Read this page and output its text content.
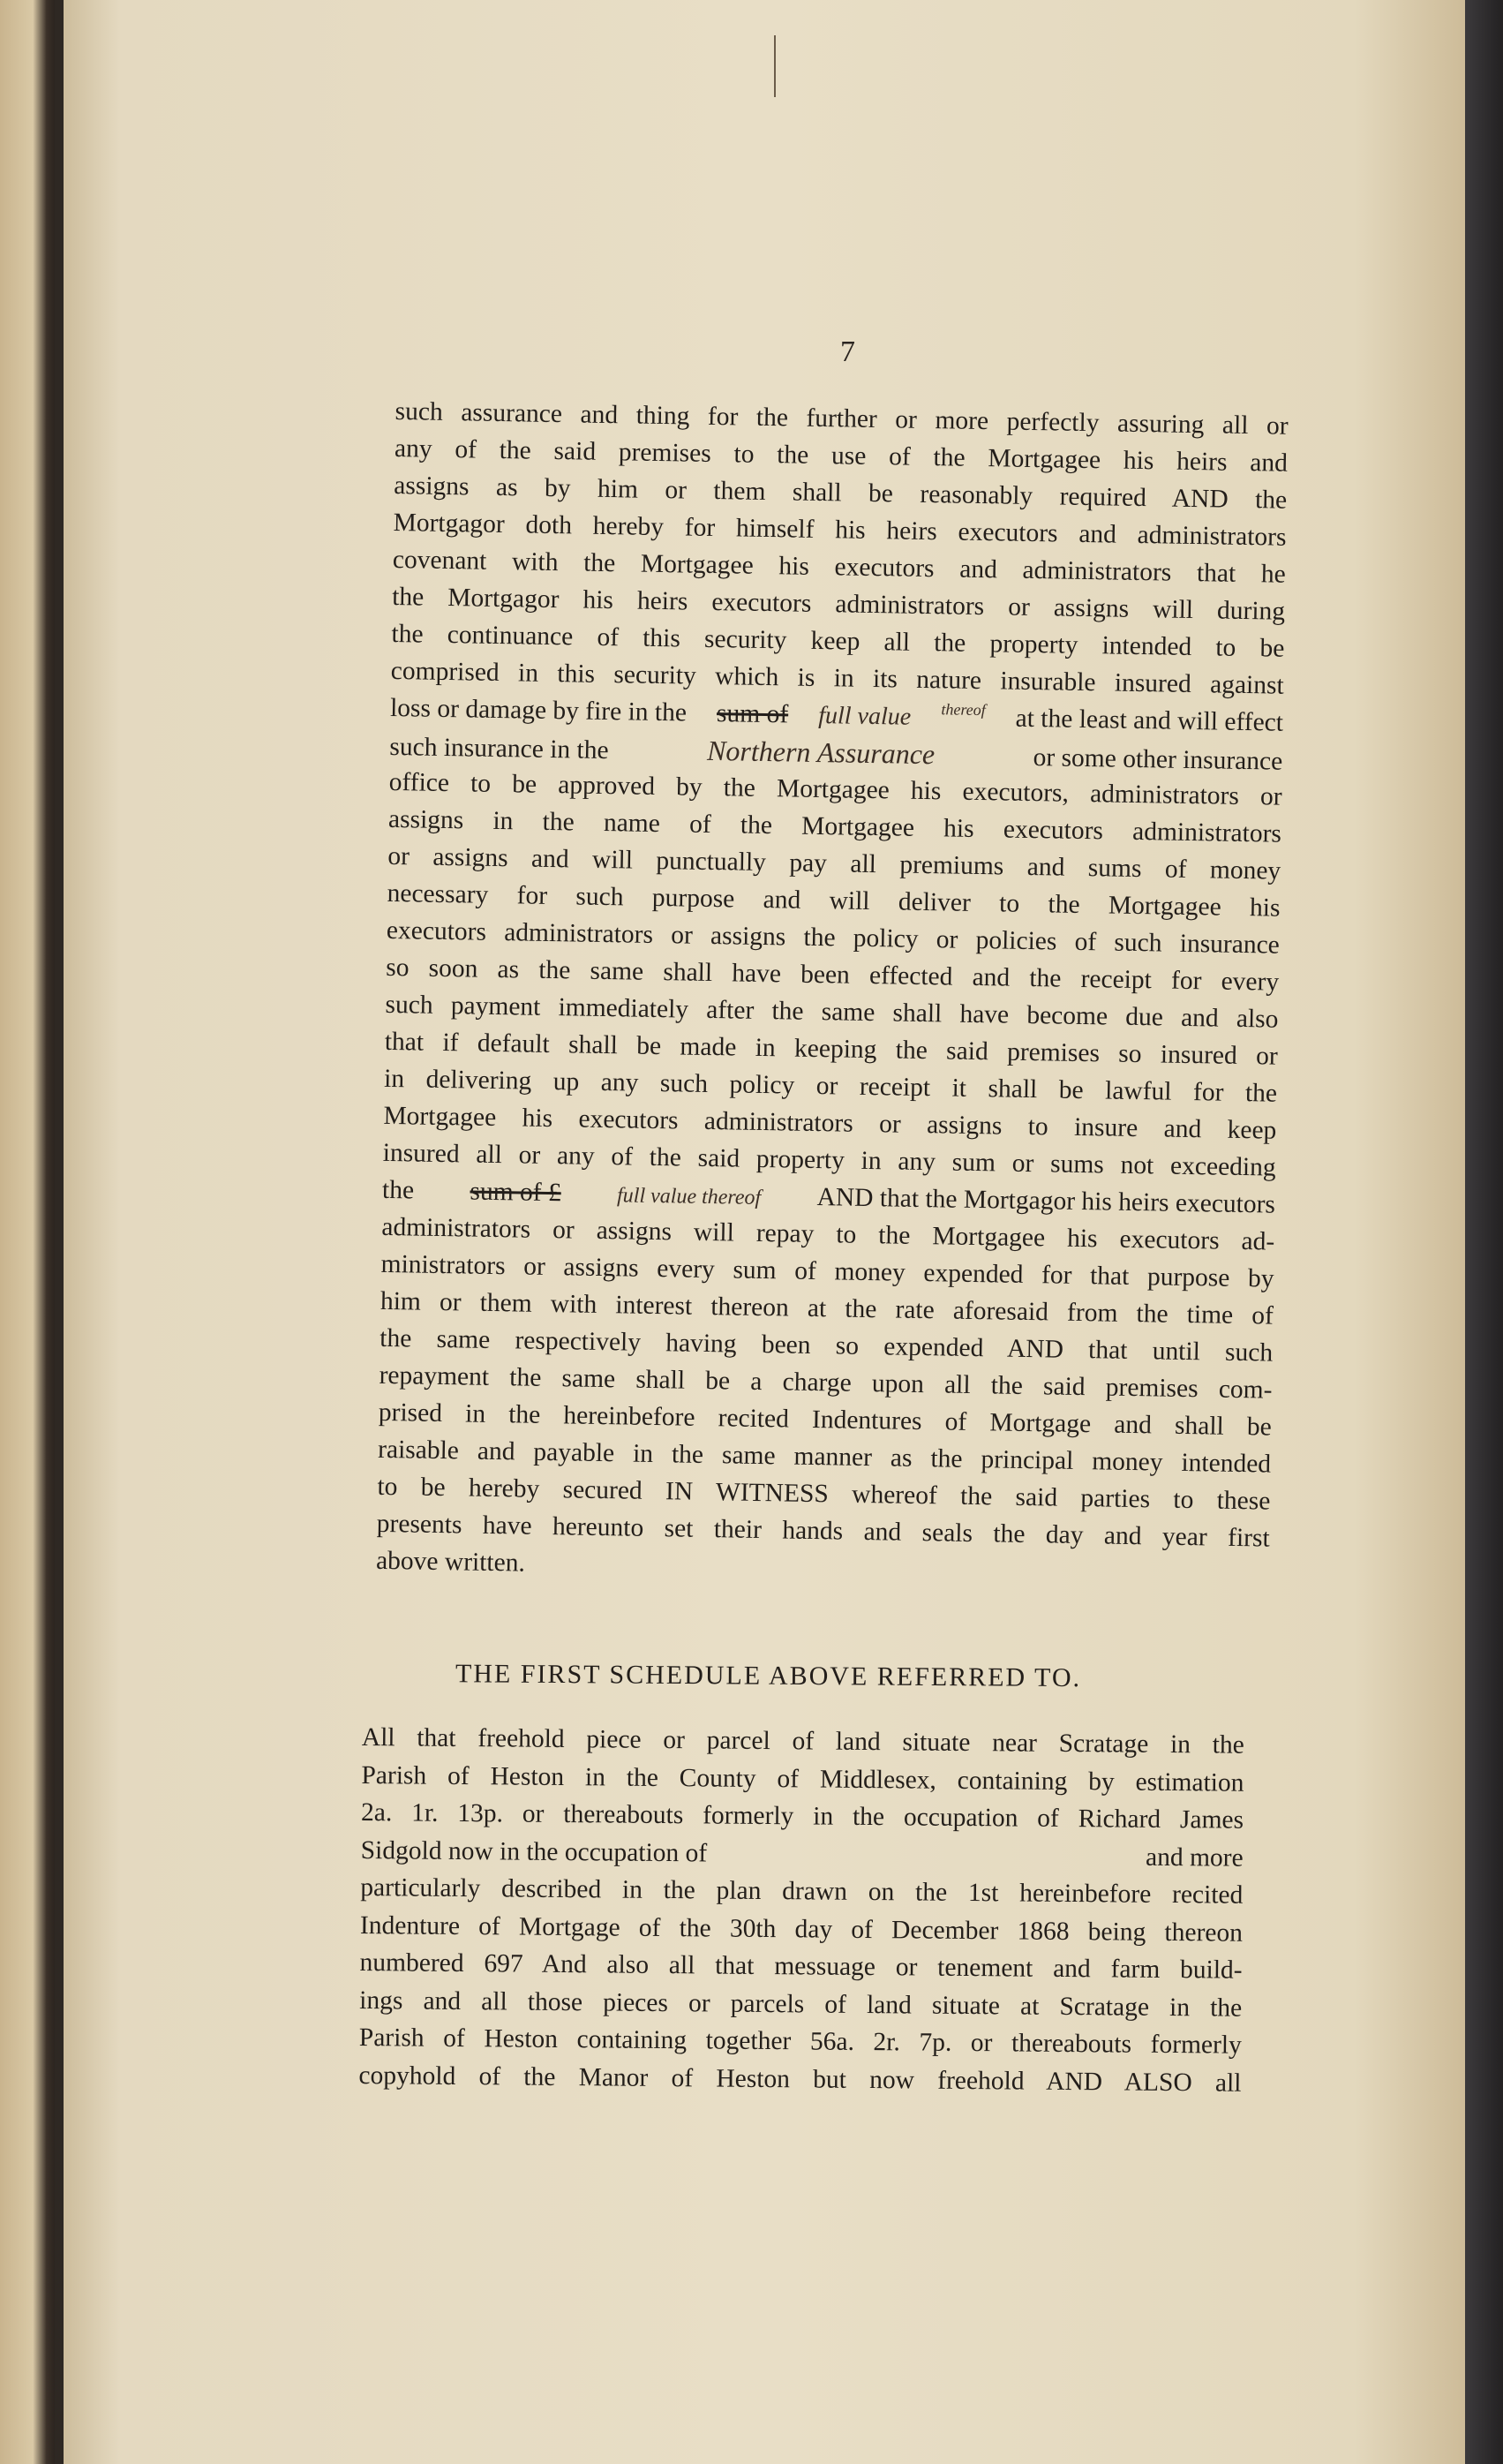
7
such assurance and thing for the further or more perfectly assuring all or
any of the said premises to the use of the Mortgagee his heirs and
assigns as by him or them shall be reasonably required AND the
Mortgagor doth hereby for himself his heirs executors and administrators
covenant with the Mortgagee his executors and administrators that he
the Mortgagor his heirs executors administrators or assigns will during
the continuance of this security keep all the property intended to be
comprised in this security which is in its nature insurable insured against
loss or damage by fire in the sum of full value thereof at the least and will effect
such insurance in the	Northern Assurance	or some other insurance
office to be approved by the Mortgagee his executors, administrators or
assigns in the name of the Mortgagee his executors administrators
or assigns and will punctually pay all premiums and sums of money
necessary for such purpose and will deliver to the Mortgagee his
executors administrators or assigns the policy or policies of such insurance
so soon as the same shall have been effected and the receipt for every
such payment immediately after the same shall have become due and also
that if default shall be made in keeping the said premises so insured or
in delivering up any such policy or receipt it shall be lawful for the
Mortgagee his executors administrators or assigns to insure and keep
insured all or any of the said property in any sum or sums not exceeding
the sum of £	full value thereof AND that the Mortgagor his heirs executors
administrators or assigns will repay to the Mortgagee his executors ad-
ministrators or assigns every sum of money expended for that purpose by
him or them with interest thereon at the rate aforesaid from the time of
the same respectively having been so expended AND that until such
repayment the same shall be a charge upon all the said premises com-
prised in the hereinbefore recited Indentures of Mortgage and shall be
raisable and payable in the same manner as the principal money intended
to be hereby secured IN WITNESS whereof the said parties to these
presents have hereunto set their hands and seals the day and year first
above written.
THE FIRST SCHEDULE ABOVE REFERRED TO.
All that freehold piece or parcel of land situate near Scratage in the
Parish of Heston in the County of Middlesex, containing by estimation
2a. 1r. 13p. or thereabouts formerly in the occupation of Richard James
Sidgold now in the occupation of	and more
particularly described in the plan drawn on the 1st hereinbefore recited
Indenture of Mortgage of the 30th day of December 1868 being thereon
numbered 697 And also all that messuage or tenement and farm build-
ings and all those pieces or parcels of land situate at Scratage in the
Parish of Heston containing together 56a. 2r. 7p. or thereabouts formerly
copyhold of the Manor of Heston but now freehold AND ALSO all
